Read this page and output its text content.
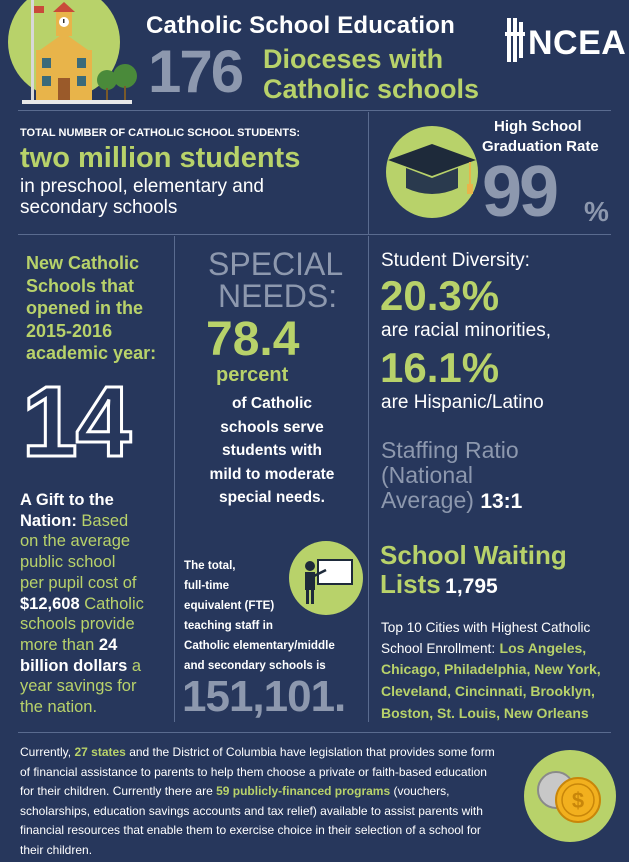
Catholic School Education
176 Dioceses with
Catholic schools
NCEA
TOTAL NUMBER OF CATHOLIC SCHOOL STUDENTS:
two million students
in preschool, elementary and
secondary schools
High School
Graduation Rate
99 %
New Catholic
Schools that
opened in the
2015-2016
academic year:
14
SPECIAL
NEEDS:
78.4
percent
of Catholic
schools serve
students with
mild to moderate
special needs.
Student Diversity:
20.3%
are racial minorities,
16.1%
are Hispanic/Latino
Staffing Ratio
(National
Average) 13:1
A Gift to the
Nation: Based
on the average
public school
per pupil cost of
$12,608 Catholic
schools provide
more than 24
billion dollars a
year savings for
the nation.
The total,
full-time
equivalent (FTE)
teaching staff in
Catholic elementary/middle
and secondary schools is
151,101.
School Waiting
Lists 1,795
Top 10 Cities with Highest Catholic
School Enrollment: Los Angeles,
Chicago, Philadelphia, New York,
Cleveland, Cincinnati, Brooklyn,
Boston, St. Louis, New Orleans
Currently, 27 states and the District of Columbia have legislation that provides some form
of financial assistance to parents to help them choose a private or faith-based education
for their children. Currently there are 59 publicly-financed programs (vouchers,
scholarships, education savings accounts and tax relief) available to assist parents with
financial resources that enable them to exercise choice in their selection of a school for
their children.
$
